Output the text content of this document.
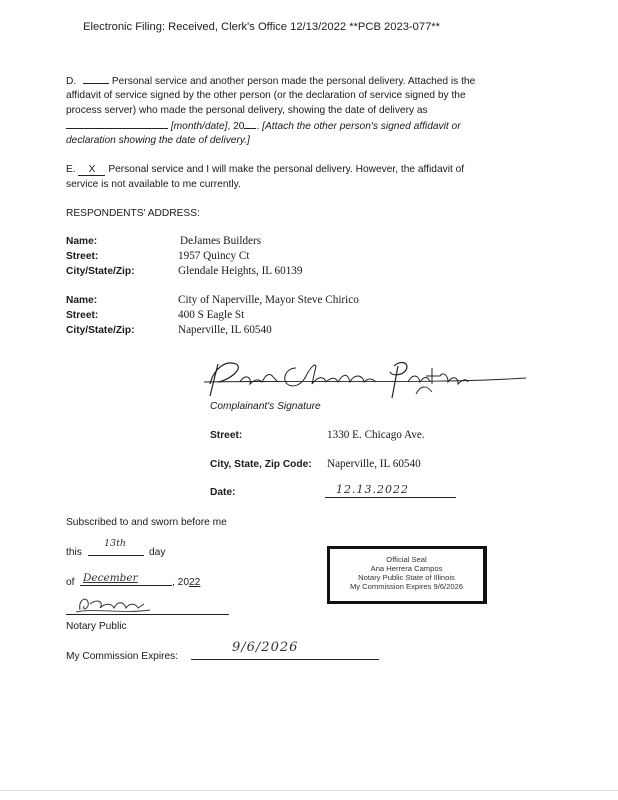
Electronic Filing: Received, Clerk's Office 12/13/2022 **PCB 2023-077**
D.	Personal service and another person made the personal delivery. Attached is the
affidavit of service signed by the other person (or the declaration of service signed by the
process server) who made the personal delivery, showing the date of delivery as
[month/date], 20 . [Attach the other person's signed affidavit or
declaration showing the date of delivery.]
E. X Personal service and I will make the personal delivery. However, the affidavit of
service is not available to me currently.
RESPONDENTS' ADDRESS:
Name:	DeJames Builders
Street:	1957 Quincy Ct
City/State/Zip:	Glendale Heights, IL 60139
Name:	City of Naperville, Mayor Steve Chirico
Street:	400 S Eagle St
City/State/Zip:	Naperville, IL 60540
Complainant's Signature
Street:	1330 E. Chicago Ave.
City, State, Zip Code: Naperville, IL 60540
Date:	12.13.2022
Subscribed to and sworn before me
this
13th
day
of December	, 2022
Notary Public
My Commission Expires:
9/6/2026
Official Seal
Ana Herrera Campos
Notary Public State of Illinois
My Commission Expires 9/6/2026
